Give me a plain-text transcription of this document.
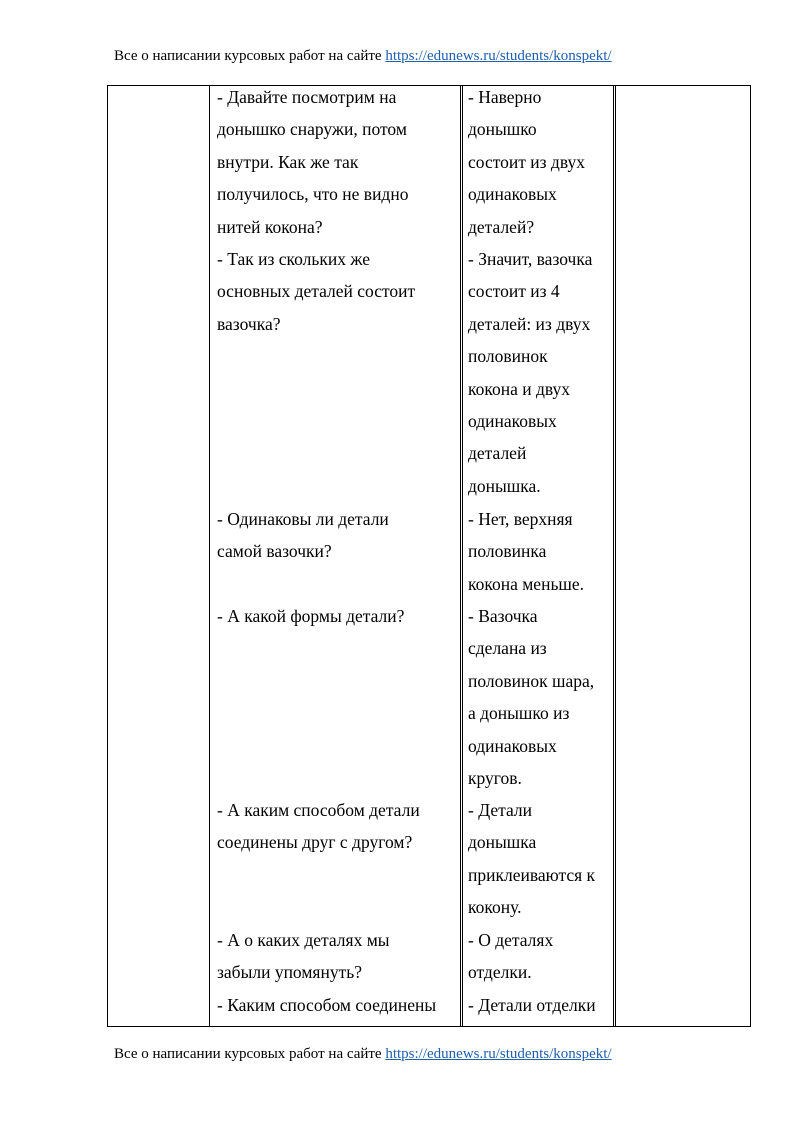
Все о написании курсовых работ на сайте https://edunews.ru/students/konspekt/
- Давайте посмотрим на
донышко снаружи, потом
внутри. Как же так
получилось, что не видно
нитей кокона?
- Так из скольких же
основных деталей состоит
вазочка?
- Одинаковы ли детали
самой вазочки?
- А какой формы детали?
- А каким способом детали
соединены друг с другом?
- А о каких деталях мы
забыли упомянуть?
- Каким способом соединены
- Наверно
донышко
состоит из двух
одинаковых
деталей?
- Значит, вазочка
состоит из 4
деталей: из двух
половинок
кокона и двух
одинаковых
деталей
донышка.
- Нет, верхняя
половинка
кокона меньше.
- Вазочка
сделана из
половинок шара,
а донышко из
одинаковых
кругов.
- Детали
донышка
приклеиваются к
кокону.
- О деталях
отделки.
- Детали отделки
Все о написании курсовых работ на сайте https://edunews.ru/students/konspekt/
